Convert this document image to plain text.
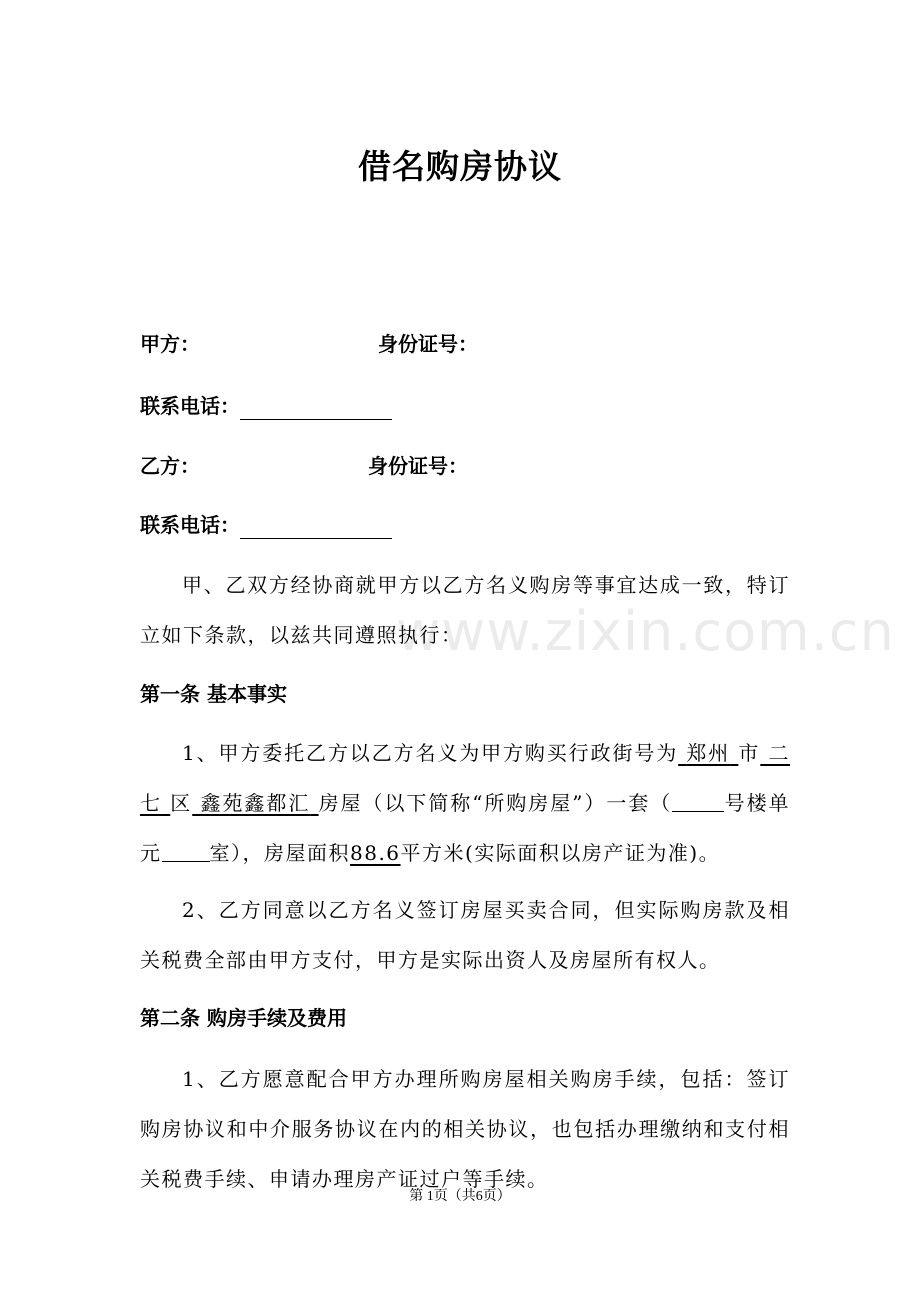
借名购房协议
甲方：	身份证号：
联系电话：
乙方：	身份证号：
联系电话：
甲、乙双方经协商就甲方以乙方名义购房等事宜达成一致，特订立如下条款，以兹共同遵照执行：
第一条 基本事实
1、甲方委托乙方以乙方名义为甲方购买行政街号为 郑州 市 二七 区 鑫苑鑫都汇 房屋（以下简称“所购房屋”）一套（	号楼单元 室），房屋面积88.6平方米(实际面积以房产证为准)。
2、乙方同意以乙方名义签订房屋买卖合同，但实际购房款及相关税费全部由甲方支付，甲方是实际出资人及房屋所有权人。
第二条 购房手续及费用
1、乙方愿意配合甲方办理所购房屋相关购房手续，包括：签订购房协议和中介服务协议在内的相关协议，也包括办理缴纳和支付相关税费手续、申请办理房产证过户等手续。
www.zixin.com.cn
第 1页（共6页）
